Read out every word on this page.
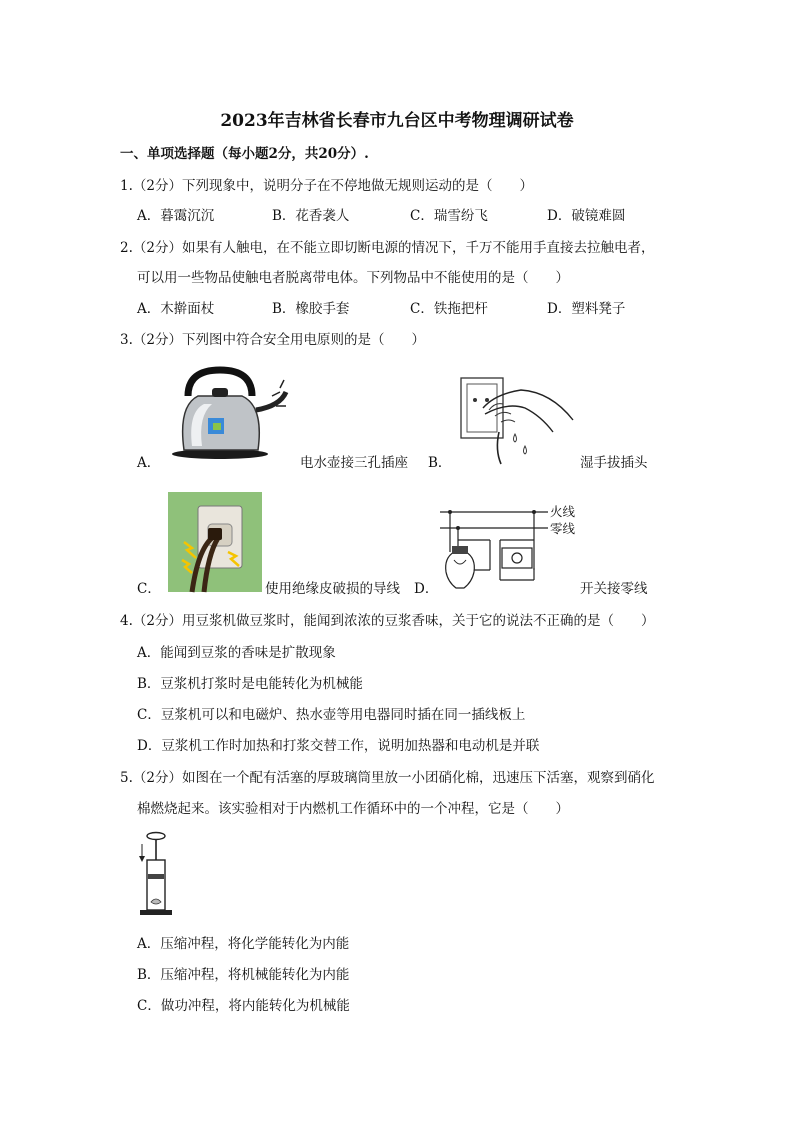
2023年吉林省长春市九台区中考物理调研试卷
一、单项选择题（每小题2分，共20分）.
1.（2分）下列现象中，说明分子在不停地做无规则运动的是（　　）
A．暮霭沉沉	B．花香袭人	C．瑞雪纷飞	D．破镜难圆
2.（2分）如果有人触电，在不能立即切断电源的情况下，千万不能用手直接去拉触电者，
可以用一些物品使触电者脱离带电体。下列物品中不能使用的是（　　）
A．木擀面杖	B．橡胶手套	C．铁拖把杆	D．塑料凳子
3.（2分）下列图中符合安全用电原则的是（　　）
A．	电水壶接三孔插座 B．	湿手拔插头
C．	使用绝缘皮破损的导线
火线
零线
D．	开关接零线
4.（2分）用豆浆机做豆浆时，能闻到浓浓的豆浆香味，关于它的说法不正确的是（　　）
A．能闻到豆浆的香味是扩散现象
B．豆浆机打浆时是电能转化为机械能
C．豆浆机可以和电磁炉、热水壶等用电器同时插在同一插线板上
D．豆浆机工作时加热和打浆交替工作，说明加热器和电动机是并联
5.（2分）如图在一个配有活塞的厚玻璃筒里放一小团硝化棉，迅速压下活塞，观察到硝化
棉燃烧起来。该实验相对于内燃机工作循环中的一个冲程，它是（　　）
A．压缩冲程，将化学能转化为内能
B．压缩冲程，将机械能转化为内能
C．做功冲程，将内能转化为机械能
